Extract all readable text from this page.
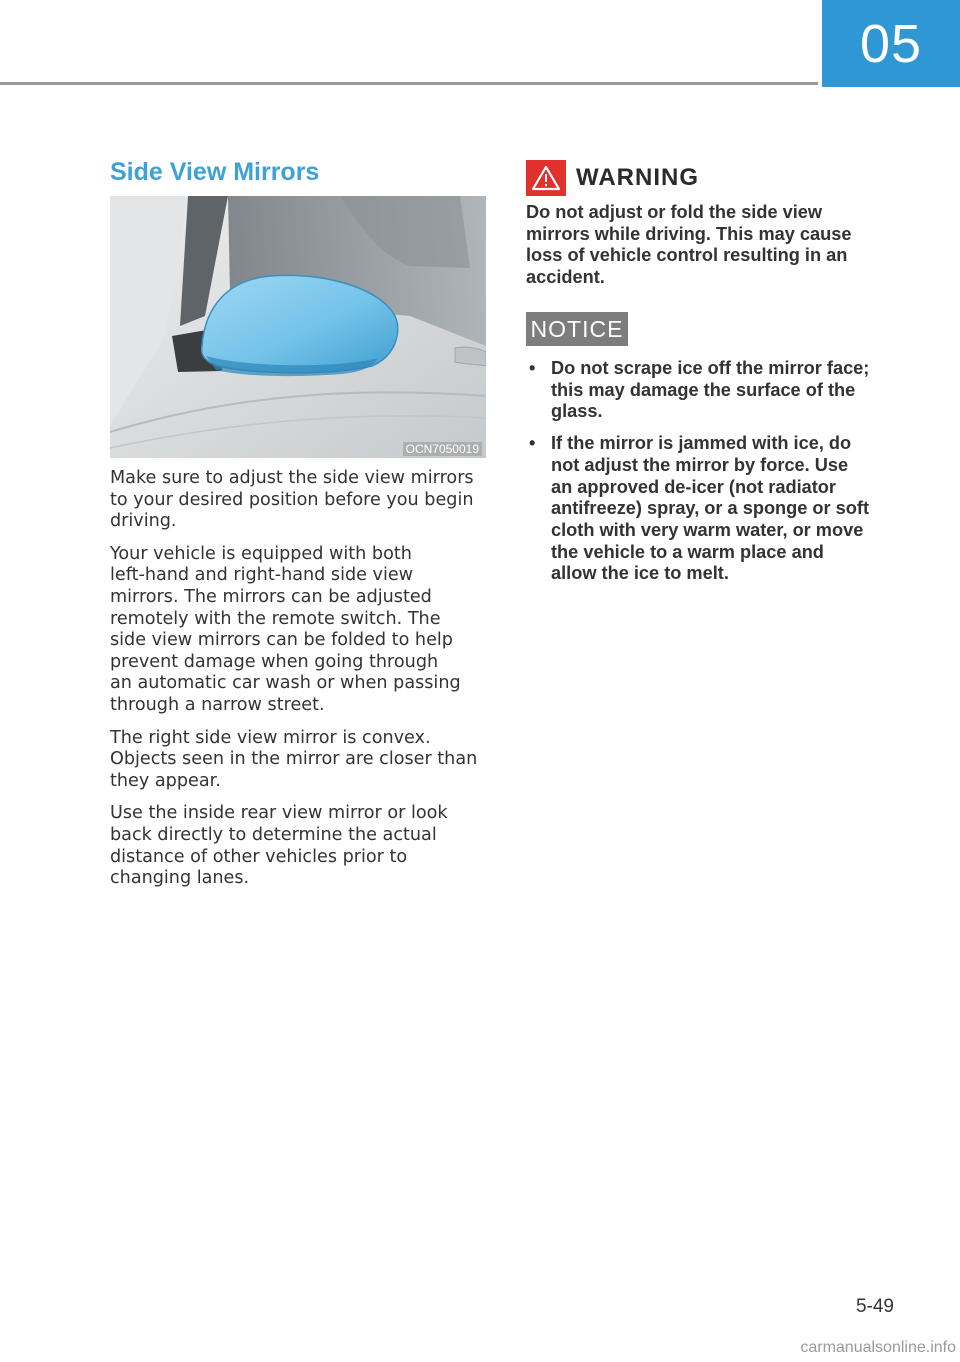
05
Side View Mirrors
OCN7050019

Make sure to adjust the side view mirrors
to your desired position before you begin
driving.

Your vehicle is equipped with both
left-hand and right-hand side view
mirrors. The mirrors can be adjusted
remotely with the remote switch. The
side view mirrors can be folded to help
prevent damage when going through
an automatic car wash or when passing
through a narrow street.

The right side view mirror is convex.
Objects seen in the mirror are closer than
they appear.

Use the inside rear view mirror or look
back directly to determine the actual
distance of other vehicles prior to
changing lanes.

WARNING

Do not adjust or fold the side view
mirrors while driving. This may cause
loss of vehicle control resulting in an
accident.

NOTICE
• Do not scrape ice off the mirror face;
this may damage the surface of the
glass.
• If the mirror is jammed with ice, do
not adjust the mirror by force. Use
an approved de-icer (not radiator
antifreeze) spray, or a sponge or soft
cloth with very warm water, or move
the vehicle to a warm place and
allow the ice to melt.
5-49
carmanualsonline.info
